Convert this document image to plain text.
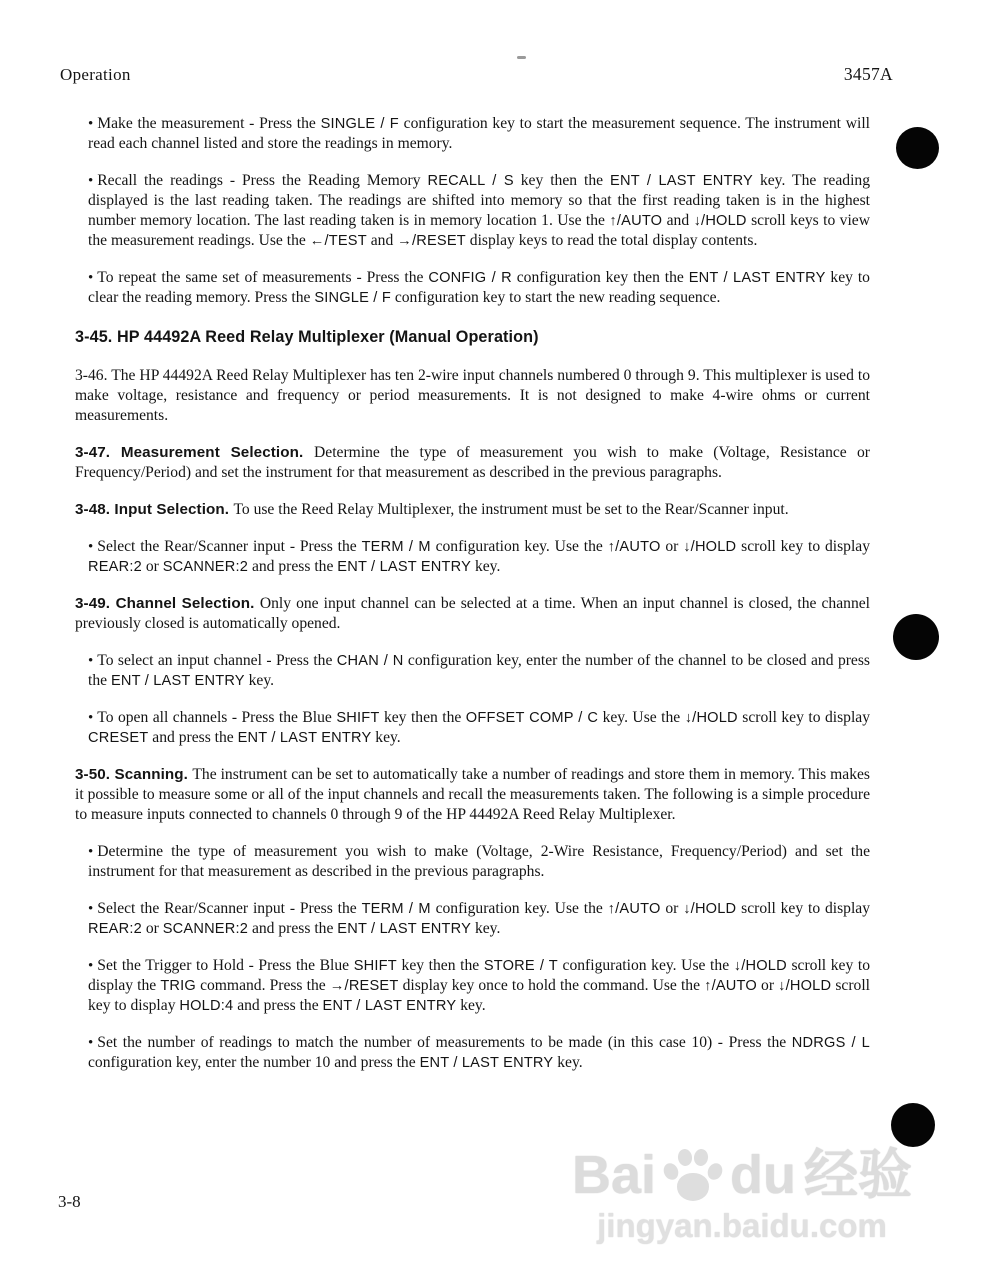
Operation	3457A

• Make the measurement - Press the SINGLE / F configuration key to start the measurement sequence. The instrument will read each channel listed and store the readings in memory.

• Recall the readings - Press the Reading Memory RECALL / S key then the ENT / LAST ENTRY key. The reading displayed is the last reading taken. The readings are shifted into memory so that the first reading taken is in the highest number memory location. The last reading taken is in memory location 1. Use the ↑/AUTO and ↓/HOLD scroll keys to view the measurement readings. Use the ←/TEST and →/RESET display keys to read the total display contents.

• To repeat the same set of measurements - Press the CONFIG / R configuration key then the ENT / LAST ENTRY key to clear the reading memory. Press the SINGLE / F configuration key to start the new reading sequence.

3-45. HP 44492A Reed Relay Multiplexer (Manual Operation)

3-46. The HP 44492A Reed Relay Multiplexer has ten 2-wire input channels numbered 0 through 9. This multiplexer is used to make voltage, resistance and frequency or period measurements. It is not designed to make 4-wire ohms or current measurements.

3-47. Measurement Selection. Determine the type of measurement you wish to make (Voltage, Resistance or Frequency/Period) and set the instrument for that measurement as described in the previous paragraphs.

3-48. Input Selection. To use the Reed Relay Multiplexer, the instrument must be set to the Rear/Scanner input.

• Select the Rear/Scanner input - Press the TERM / M configuration key. Use the ↑/AUTO or ↓/HOLD scroll key to display REAR:2 or SCANNER:2 and press the ENT / LAST ENTRY key.

3-49. Channel Selection. Only one input channel can be selected at a time. When an input channel is closed, the channel previously closed is automatically opened.

• To select an input channel - Press the CHAN / N configuration key, enter the number of the channel to be closed and press the ENT / LAST ENTRY key.

• To open all channels - Press the Blue SHIFT key then the OFFSET COMP / C key. Use the ↓/HOLD scroll key to display CRESET and press the ENT / LAST ENTRY key.

3-50. Scanning. The instrument can be set to automatically take a number of readings and store them in memory. This makes it possible to measure some or all of the input channels and recall the measurements taken. The following is a simple procedure to measure inputs connected to channels 0 through 9 of the HP 44492A Reed Relay Multiplexer.

• Determine the type of measurement you wish to make (Voltage, 2-Wire Resistance, Frequency/Period) and set the instrument for that measurement as described in the previous paragraphs.

• Select the Rear/Scanner input - Press the TERM / M configuration key. Use the ↑/AUTO or ↓/HOLD scroll key to display REAR:2 or SCANNER:2 and press the ENT / LAST ENTRY key.

• Set the Trigger to Hold - Press the Blue SHIFT key then the STORE / T configuration key. Use the ↓/HOLD scroll key to display the TRIG command. Press the →/RESET display key once to hold the command. Use the ↑/AUTO or ↓/HOLD scroll key to display HOLD:4 and press the ENT / LAST ENTRY key.

• Set the number of readings to match the number of measurements to be made (in this case 10) - Press the NDRGS / L configuration key, enter the number 10 and press the ENT / LAST ENTRY key.

3-8	Bai du 经验
jingyan.baidu.com
